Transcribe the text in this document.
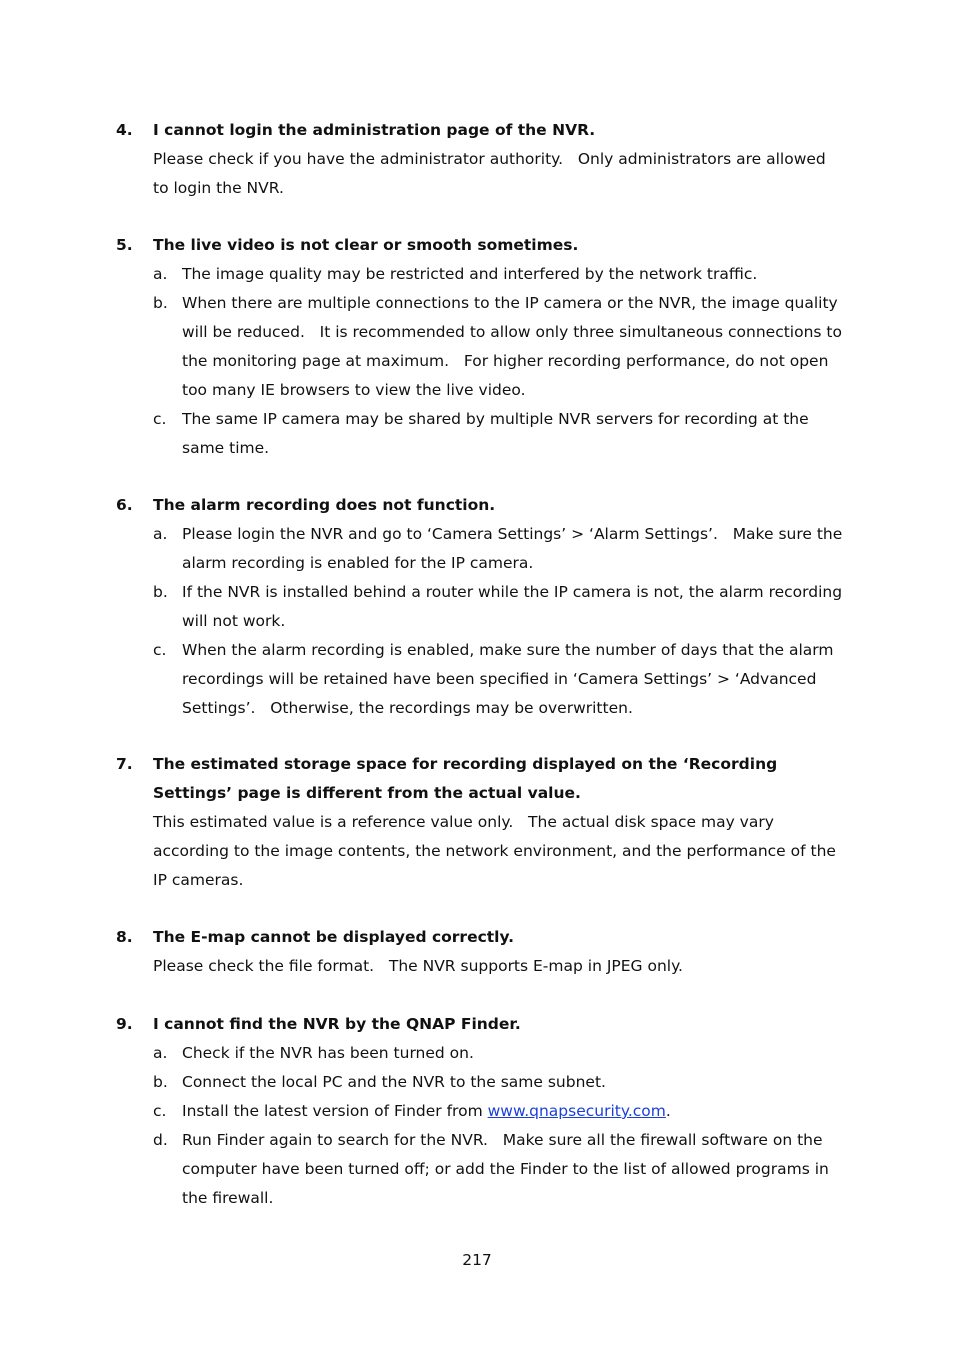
4.	I cannot login the administration page of the NVR.
Please check if you have the administrator authority.   Only administrators are allowed to login the NVR.
5.	The live video is not clear or smooth sometimes.
a. The image quality may be restricted and interfered by the network traffic.
b. When there are multiple connections to the IP camera or the NVR, the image quality will be reduced.   It is recommended to allow only three simultaneous connections to the monitoring page at maximum.   For higher recording performance, do not open too many IE browsers to view the live video.
c.	The same IP camera may be shared by multiple NVR servers for recording at the same time.
6.	The alarm recording does not function.
a. Please login the NVR and go to ‘Camera Settings’ > ‘Alarm Settings’.   Make sure the alarm recording is enabled for the IP camera.
b. If the NVR is installed behind a router while the IP camera is not, the alarm recording will not work.
c.	When the alarm recording is enabled, make sure the number of days that the alarm recordings will be retained have been specified in ‘Camera Settings’ > ‘Advanced Settings’.   Otherwise, the recordings may be overwritten.
7.	The estimated storage space for recording displayed on the ‘Recording Settings’ page is different from the actual value.
This estimated value is a reference value only.   The actual disk space may vary according to the image contents, the network environment, and the performance of the IP cameras.
8.	The E-map cannot be displayed correctly.
Please check the file format.   The NVR supports E-map in JPEG only.
9.	I cannot find the NVR by the QNAP Finder.
a. Check if the NVR has been turned on.
b. Connect the local PC and the NVR to the same subnet.
c.	Install the latest version of Finder from www.qnapsecurity.com.
d. Run Finder again to search for the NVR.   Make sure all the firewall software on the computer have been turned off; or add the Finder to the list of allowed programs in the firewall.
217
